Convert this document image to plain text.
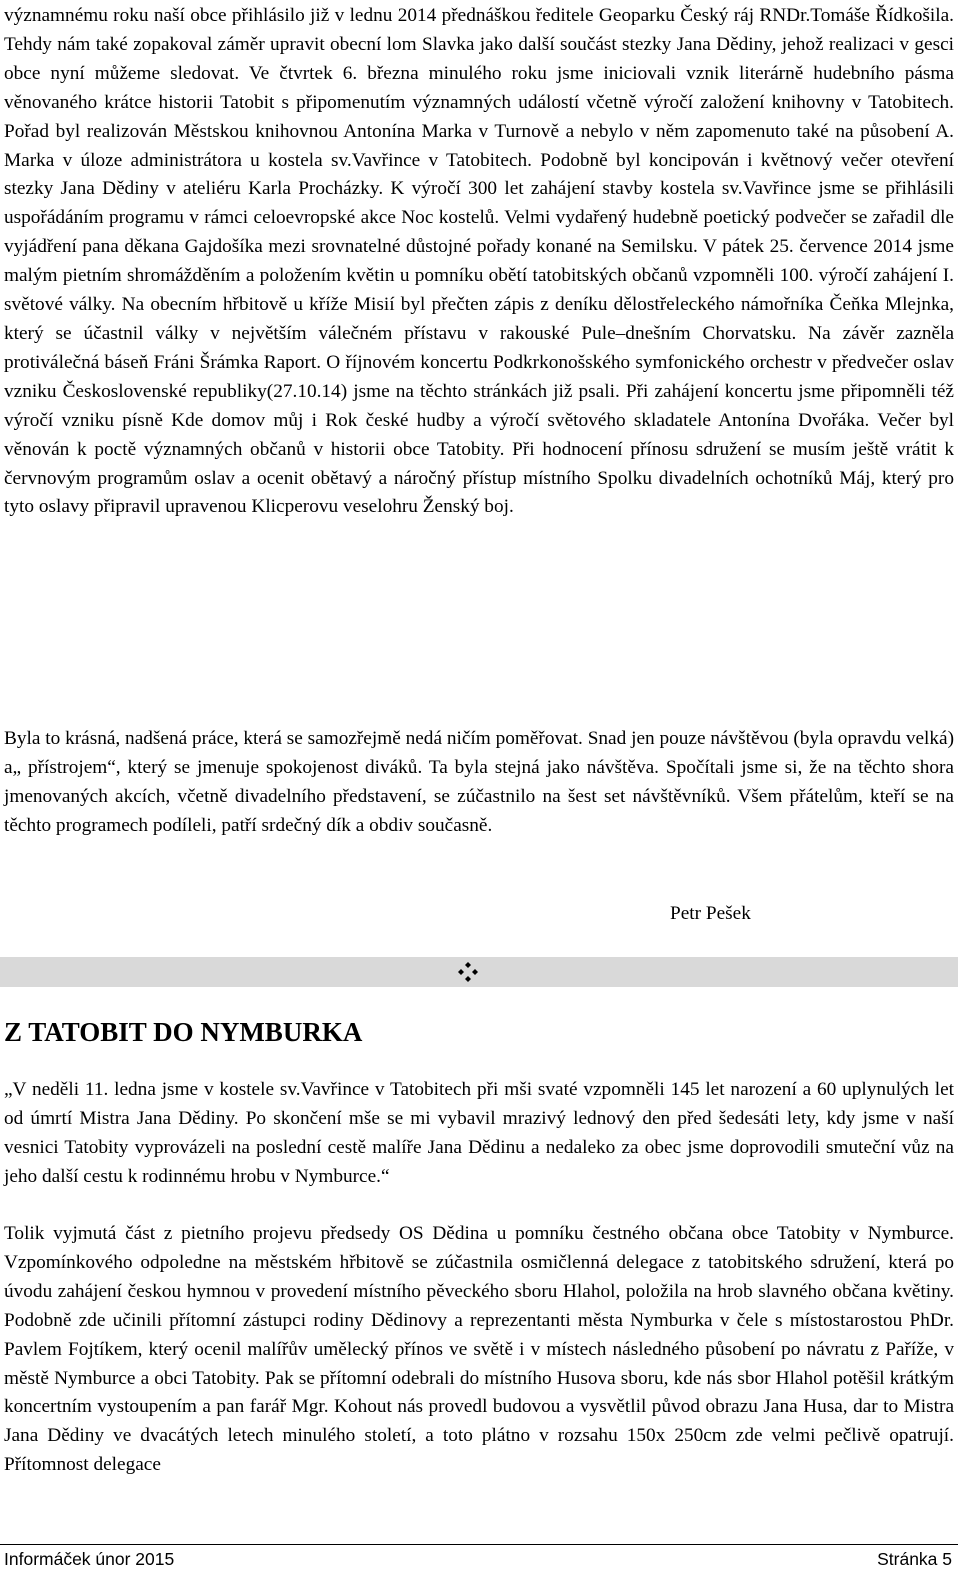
významnému roku naší obce přihlásilo již v lednu 2014 přednáškou ředitele Geoparku Český ráj RNDr.Tomáše Řídkošila. Tehdy nám také zopakoval záměr upravit obecní lom Slavka jako další součást stezky Jana Dědiny, jehož realizaci v gesci obce nyní můžeme sledovat. Ve čtvrtek 6. března minulého roku jsme iniciovali vznik literárně hudebního pásma věnovaného krátce historii Tatobit s připomenutím významných událostí včetně výročí založení knihovny v Tatobitech. Pořad byl realizován Městskou knihovnou Antonína Marka v Turnově a nebylo v něm zapomenuto také na působení A. Marka v úloze administrátora u kostela sv.Vavřince v Tatobitech. Podobně byl koncipován i květnový večer otevření stezky Jana Dědiny v ateliéru Karla Procházky. K výročí 300 let zahájení stavby kostela sv.Vavřince jsme se přihlásili uspořádáním programu v rámci celoevropské akce Noc kostelů. Velmi vydařený hudebně poetický podvečer se zařadil dle vyjádření pana děkana Gajdošíka mezi srovnatelné důstojné pořady konané na Semilsku. V pátek 25. července 2014 jsme malým pietním shromážděním a položením květin u pomníku obětí tatobitských občanů vzpomněli 100. výročí zahájení I. světové války. Na obecním hřbitově u kříže Misií byl přečten zápis z deníku dělostřeleckého námořníka Čeňka Mlejnka, který se účastnil války v největším válečném přístavu v rakouské Pule–dnešním Chorvatsku. Na závěr zazněla protiválečná báseň Fráni Šrámka Raport. O říjnovém koncertu Podkrkonošského symfonického orchestr v předvečer oslav vzniku Československé republiky(27.10.14) jsme na těchto stránkách již psali. Při zahájení koncertu jsme připomněli též výročí vzniku písně Kde domov můj i Rok české hudby a výročí světového skladatele Antonína Dvořáka. Večer byl věnován k poctě významných občanů v historii obce Tatobity. Při hodnocení přínosu sdružení se musím ještě vrátit k červnovým programům oslav a ocenit obětavý a náročný přístup místního Spolku divadelních ochotníků Máj, který pro tyto oslavy připravil upravenou Klicperovu veselohru Ženský boj.

Byla to krásná, nadšená práce, která se samozřejmě nedá ničím poměřovat. Snad jen pouze návštěvou (byla opravdu velká) a„ přístrojem“, který se jmenuje spokojenost diváků. Ta byla stejná jako návštěva. Spočítali jsme si, že na těchto shora jmenovaných akcích, včetně divadelního představení, se zúčastnilo na šest set návštěvníků. Všem přátelům, kteří se na těchto programech podíleli, patří srdečný dík a obdiv současně.

Petr Pešek
Z TATOBIT DO NYMBURKA

„V neděli 11. ledna jsme v kostele sv.Vavřince v Tatobitech při mši svaté vzpomněli 145 let narození a 60 uplynulých let od úmrtí Mistra Jana Dědiny. Po skončení mše se mi vybavil mrazivý lednový den před šedesáti lety, kdy jsme v naší vesnici Tatobity vyprovázeli na poslední cestě malíře Jana Dědinu a nedaleko za obec jsme doprovodili smuteční vůz na jeho další cestu k rodinnému hrobu v Nymburce.“

Tolik vyjmutá část z pietního projevu předsedy OS Dědina u pomníku čestného občana obce Tatobity v Nymburce. Vzpomínkového odpoledne na městském hřbitově se zúčastnila osmičlenná delegace z tatobitského sdružení, která po úvodu zahájení českou hymnou v provedení místního pěveckého sboru Hlahol, položila na hrob slavného občana květiny. Podobně zde učinili přítomní zástupci rodiny Dědinovy a reprezentanti města Nymburka v čele s místostarostou PhDr. Pavlem Fojtíkem, který ocenil malířův umělecký přínos ve světě i v místech následného působení po návratu z Paříže, v městě Nymburce a obci Tatobity. Pak se přítomní odebrali do místního Husova sboru, kde nás sbor Hlahol potěšil krátkým koncertním vystoupením a pan farář Mgr. Kohout nás provedl budovou a vysvětlil původ obrazu Jana Husa, dar to Mistra Jana Dědiny ve dvacátých letech minulého století, a toto plátno v rozsahu 150x 250cm zde velmi pečlivě opatrují. Přítomnost delegace

Informáček únor 2015	Stránka 5
